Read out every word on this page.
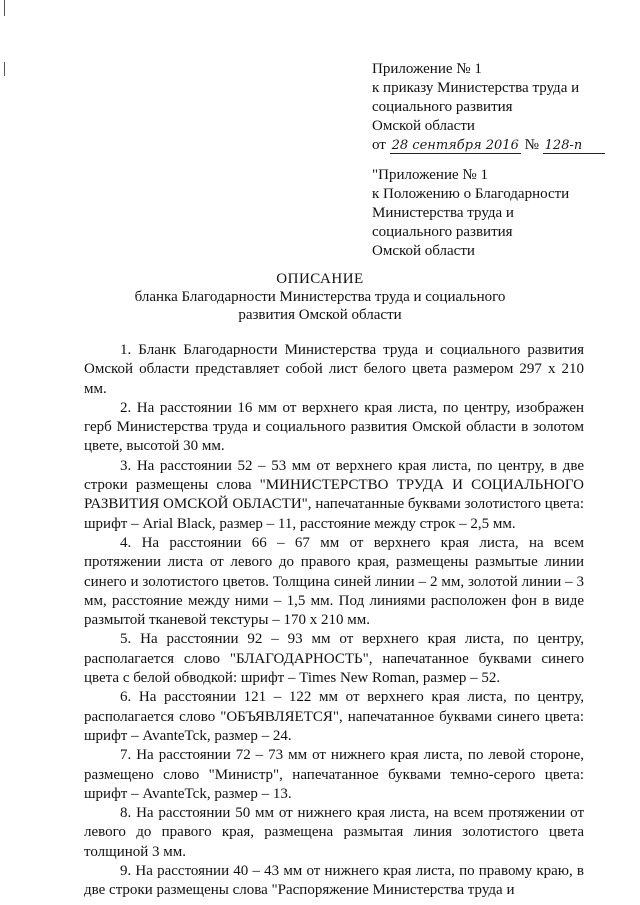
Приложение № 1
к приказу Министерства труда и
социального развития
Омской области
от 28 сентября 2016 № 128-п
"Приложение № 1
к Положению о Благодарности
Министерства труда и
социального развития
Омской области
ОПИСАНИЕ
бланка Благодарности Министерства труда и социального
развития Омской области

1. Бланк Благодарности Министерства труда и социального развития Омской области представляет собой лист белого цвета размером 297 х 210 мм.

2. На расстоянии 16 мм от верхнего края листа, по центру, изображен герб Министерства труда и социального развития Омской области в золотом цвете, высотой 30 мм.

3. На расстоянии 52 – 53 мм от верхнего края листа, по центру, в две строки размещены слова "МИНИСТЕРСТВО ТРУДА И СОЦИАЛЬНОГО РАЗВИТИЯ ОМСКОЙ ОБЛАСТИ", напечатанные буквами золотистого цвета: шрифт – Arial Black, размер – 11, расстояние между строк – 2,5 мм.

4. На расстоянии 66 – 67 мм от верхнего края листа, на всем протяжении листа от левого до правого края, размещены размытые линии синего и золотистого цветов. Толщина синей линии – 2 мм, золотой линии – 3 мм, расстояние между ними – 1,5 мм. Под линиями расположен фон в виде размытой тканевой текстуры – 170 х 210 мм.

5. На расстоянии 92 – 93 мм от верхнего края листа, по центру, располагается слово "БЛАГОДАРНОСТЬ", напечатанное буквами синего цвета с белой обводкой: шрифт – Times New Roman, размер – 52.

6. На расстоянии 121 – 122 мм от верхнего края листа, по центру, располагается слово "ОБЪЯВЛЯЕТСЯ", напечатанное буквами синего цвета: шрифт – AvanteTck, размер – 24.

7. На расстоянии 72 – 73 мм от нижнего края листа, по левой стороне, размещено слово "Министр", напечатанное буквами темно-серого цвета: шрифт – AvanteTck, размер – 13.

8. На расстоянии 50 мм от нижнего края листа, на всем протяжении от левого до правого края, размещена размытая линия золотистого цвета толщиной 3 мм.

9. На расстоянии 40 – 43 мм от нижнего края листа, по правому краю, в две строки размещены слова "Распоряжение Министерства труда и
